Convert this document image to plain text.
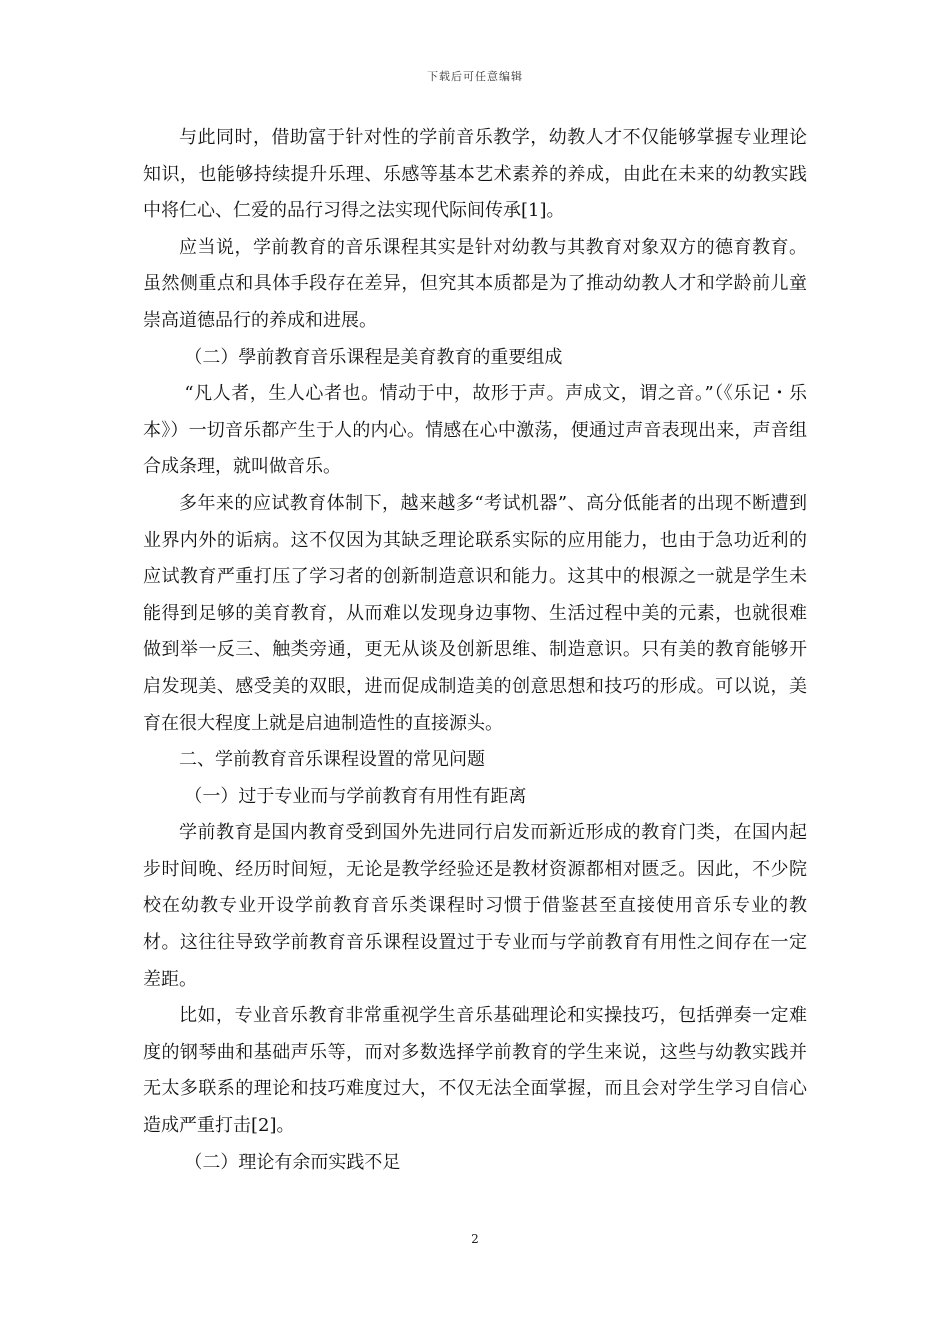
下载后可任意编辑

与此同时，借助富于针对性的学前音乐教学，幼教人才不仅能够掌握专业理论知识，也能够持续提升乐理、乐感等基本艺术素养的养成，由此在未来的幼教实践中将仁心、仁爱的品行习得之法实现代际间传承[1]。

应当说，学前教育的音乐课程其实是针对幼教与其教育对象双方的德育教育。虽然侧重点和具体手段存在差异，但究其本质都是为了推动幼教人才和学龄前儿童崇高道德品行的养成和进展。

（二）學前教育音乐课程是美育教育的重要组成

“凡人者，生人心者也。情动于中，故形于声。声成文，谓之音。”（《乐记・乐本》）一切音乐都产生于人的内心。情感在心中激荡，便通过声音表现出来，声音组合成条理，就叫做音乐。

多年来的应试教育体制下，越来越多“考试机器”、高分低能者的出现不断遭到业界内外的诟病。这不仅因为其缺乏理论联系实际的应用能力，也由于急功近利的应试教育严重打压了学习者的创新制造意识和能力。这其中的根源之一就是学生未能得到足够的美育教育，从而难以发现身边事物、生活过程中美的元素，也就很难做到举一反三、触类旁通，更无从谈及创新思维、制造意识。只有美的教育能够开启发现美、感受美的双眼，进而促成制造美的创意思想和技巧的形成。可以说，美育在很大程度上就是启迪制造性的直接源头。

二、学前教育音乐课程设置的常见问题

（一）过于专业而与学前教育有用性有距离

学前教育是国内教育受到国外先进同行启发而新近形成的教育门类，在国内起步时间晚、经历时间短，无论是教学经验还是教材资源都相对匮乏。因此，不少院校在幼教专业开设学前教育音乐类课程时习惯于借鉴甚至直接使用音乐专业的教材。这往往导致学前教育音乐课程设置过于专业而与学前教育有用性之间存在一定差距。

比如，专业音乐教育非常重视学生音乐基础理论和实操技巧，包括弹奏一定难度的钢琴曲和基础声乐等，而对多数选择学前教育的学生来说，这些与幼教实践并无太多联系的理论和技巧难度过大，不仅无法全面掌握，而且会对学生学习自信心造成严重打击[2]。

（二）理论有余而实践不足

2
